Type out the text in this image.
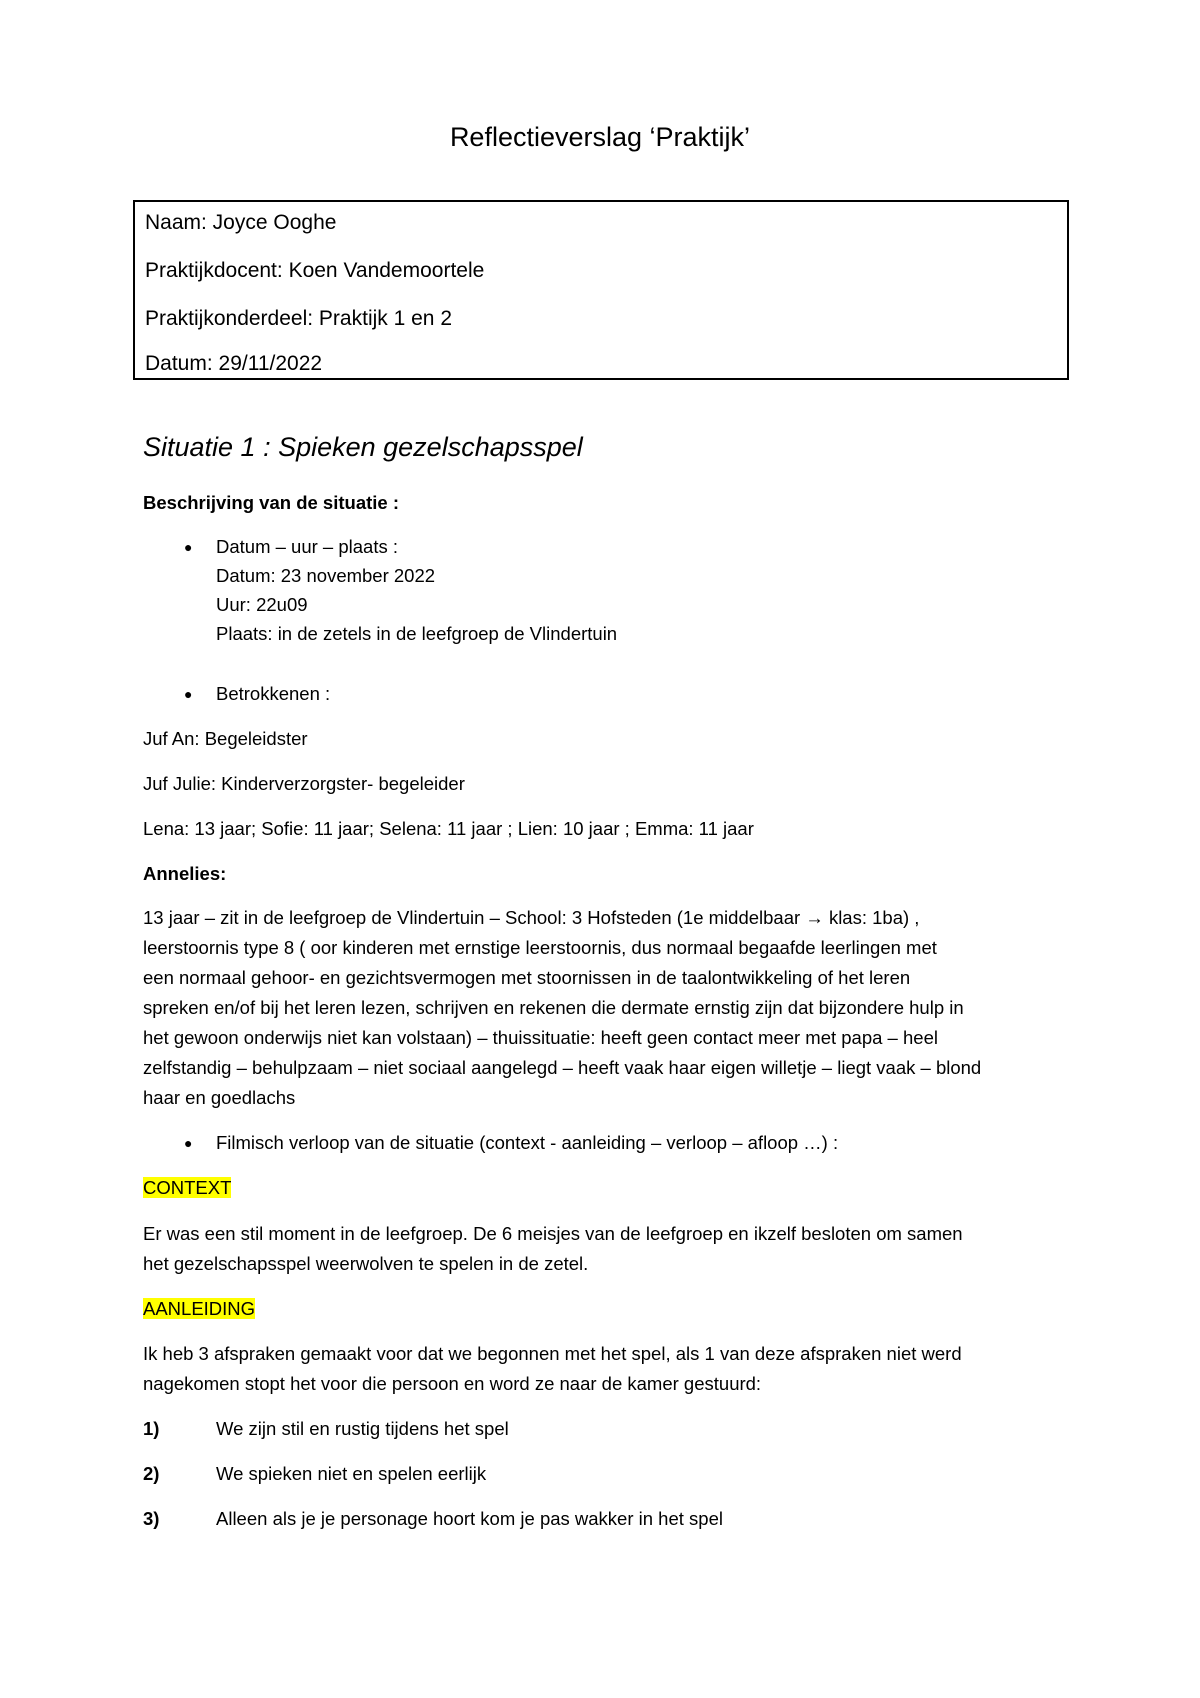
Reflectieverslag ‘Praktijk’
Naam: Joyce Ooghe
Praktijkdocent: Koen Vandemoortele
Praktijkonderdeel: Praktijk 1 en 2
Datum: 29/11/2022
Situatie 1 : Spieken gezelschapsspel
Beschrijving van de situatie :
● Datum – uur – plaats :
Datum: 23 november 2022
Uur: 22u09
Plaats: in de zetels in de leefgroep de Vlindertuin
● Betrokkenen :
Juf An: Begeleidster
Juf Julie: Kinderverzorgster- begeleider
Lena: 13 jaar; Sofie: 11 jaar; Selena: 11 jaar ; Lien: 10 jaar ; Emma: 11 jaar
Annelies:
13 jaar – zit in de leefgroep de Vlindertuin – School: 3 Hofsteden (1e middelbaar → klas: 1ba) ,
leerstoornis type 8 ( oor kinderen met ernstige leerstoornis, dus normaal begaafde leerlingen met
een normaal gehoor- en gezichtsvermogen met stoornissen in de taalontwikkeling of het leren
spreken en/of bij het leren lezen, schrijven en rekenen die dermate ernstig zijn dat bijzondere hulp in
het gewoon onderwijs niet kan volstaan) – thuissituatie: heeft geen contact meer met papa – heel
zelfstandig – behulpzaam – niet sociaal aangelegd – heeft vaak haar eigen willetje – liegt vaak – blond
haar en goedlachs
● Filmisch verloop van de situatie (context - aanleiding – verloop – afloop …) :
CONTEXT
Er was een stil moment in de leefgroep. De 6 meisjes van de leefgroep en ikzelf besloten om samen
het gezelschapsspel weerwolven te spelen in de zetel.
AANLEIDING
Ik heb 3 afspraken gemaakt voor dat we begonnen met het spel, als 1 van deze afspraken niet werd
nagekomen stopt het voor die persoon en word ze naar de kamer gestuurd:
1)	We zijn stil en rustig tijdens het spel
2)	We spieken niet en spelen eerlijk
3)	Alleen als je je personage hoort kom je pas wakker in het spel
